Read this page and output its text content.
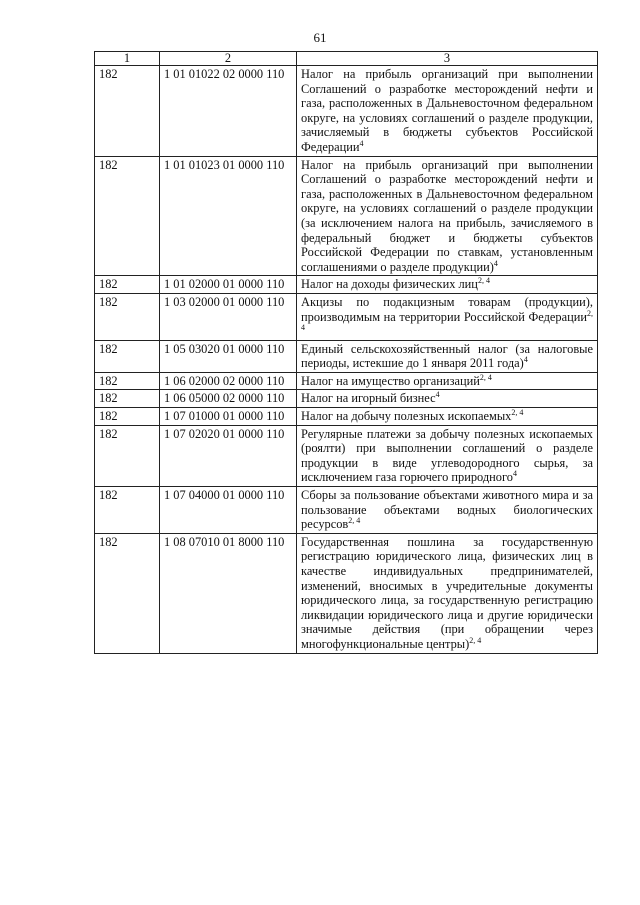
61
1	2	3
182	1 01 01022 02 0000 110	Налог на прибыль организаций при выполнении Соглашений о разработке месторождений нефти и газа, расположенных в Дальневосточном федеральном округе, на условиях соглашений о разделе продукции, зачисляемый в бюджеты субъектов Российской Федерации$^4$
182	1 01 01023 01 0000 110	Налог на прибыль организаций при выполнении Соглашений о разработке месторождений нефти и газа, расположенных в Дальневосточном федеральном округе, на условиях соглашений о разделе продукции (за исключением налога на прибыль, зачисляемого в федеральный бюджет и бюджеты субъектов Российской Федерации по ставкам, установленным соглашениями о разделе продукции)$^4$
182	1 01 02000 01 0000 110	Налог на доходы физических лиц$^{2, 4}$
182	1 03 02000 01 0000 110	Акцизы по подакцизным товарам (продукции), производимым на территории Российской Федерации$^{2, 4}$
182	1 05 03020 01 0000 110	Единый сельскохозяйственный налог (за налоговые периоды, истекшие до 1 января 2011 года)$^4$
182	1 06 02000 02 0000 110	Налог на имущество организаций$^{2, 4}$
182	1 06 05000 02 0000 110	Налог на игорный бизнес$^4$
182	1 07 01000 01 0000 110	Налог на добычу полезных ископаемых$^{2, 4}$
182	1 07 02020 01 0000 110	Регулярные платежи за добычу полезных ископаемых (роялти) при выполнении соглашений о разделе продукции в виде углеводородного сырья, за исключением газа горючего природного$^4$
182	1 07 04000 01 0000 110	Сборы за пользование объектами животного мира и за пользование объектами водных биологических ресурсов$^{2, 4}$
182	1 08 07010 01 8000 110	Государственная пошлина за государственную регистрацию юридического лица, физических лиц в качестве индивидуальных предпринимателей, изменений, вносимых в учредительные документы юридического лица, за государственную регистрацию ликвидации юридического лица и другие юридически значимые действия (при обращении через многофункциональные центры)$^{2, 4}$
